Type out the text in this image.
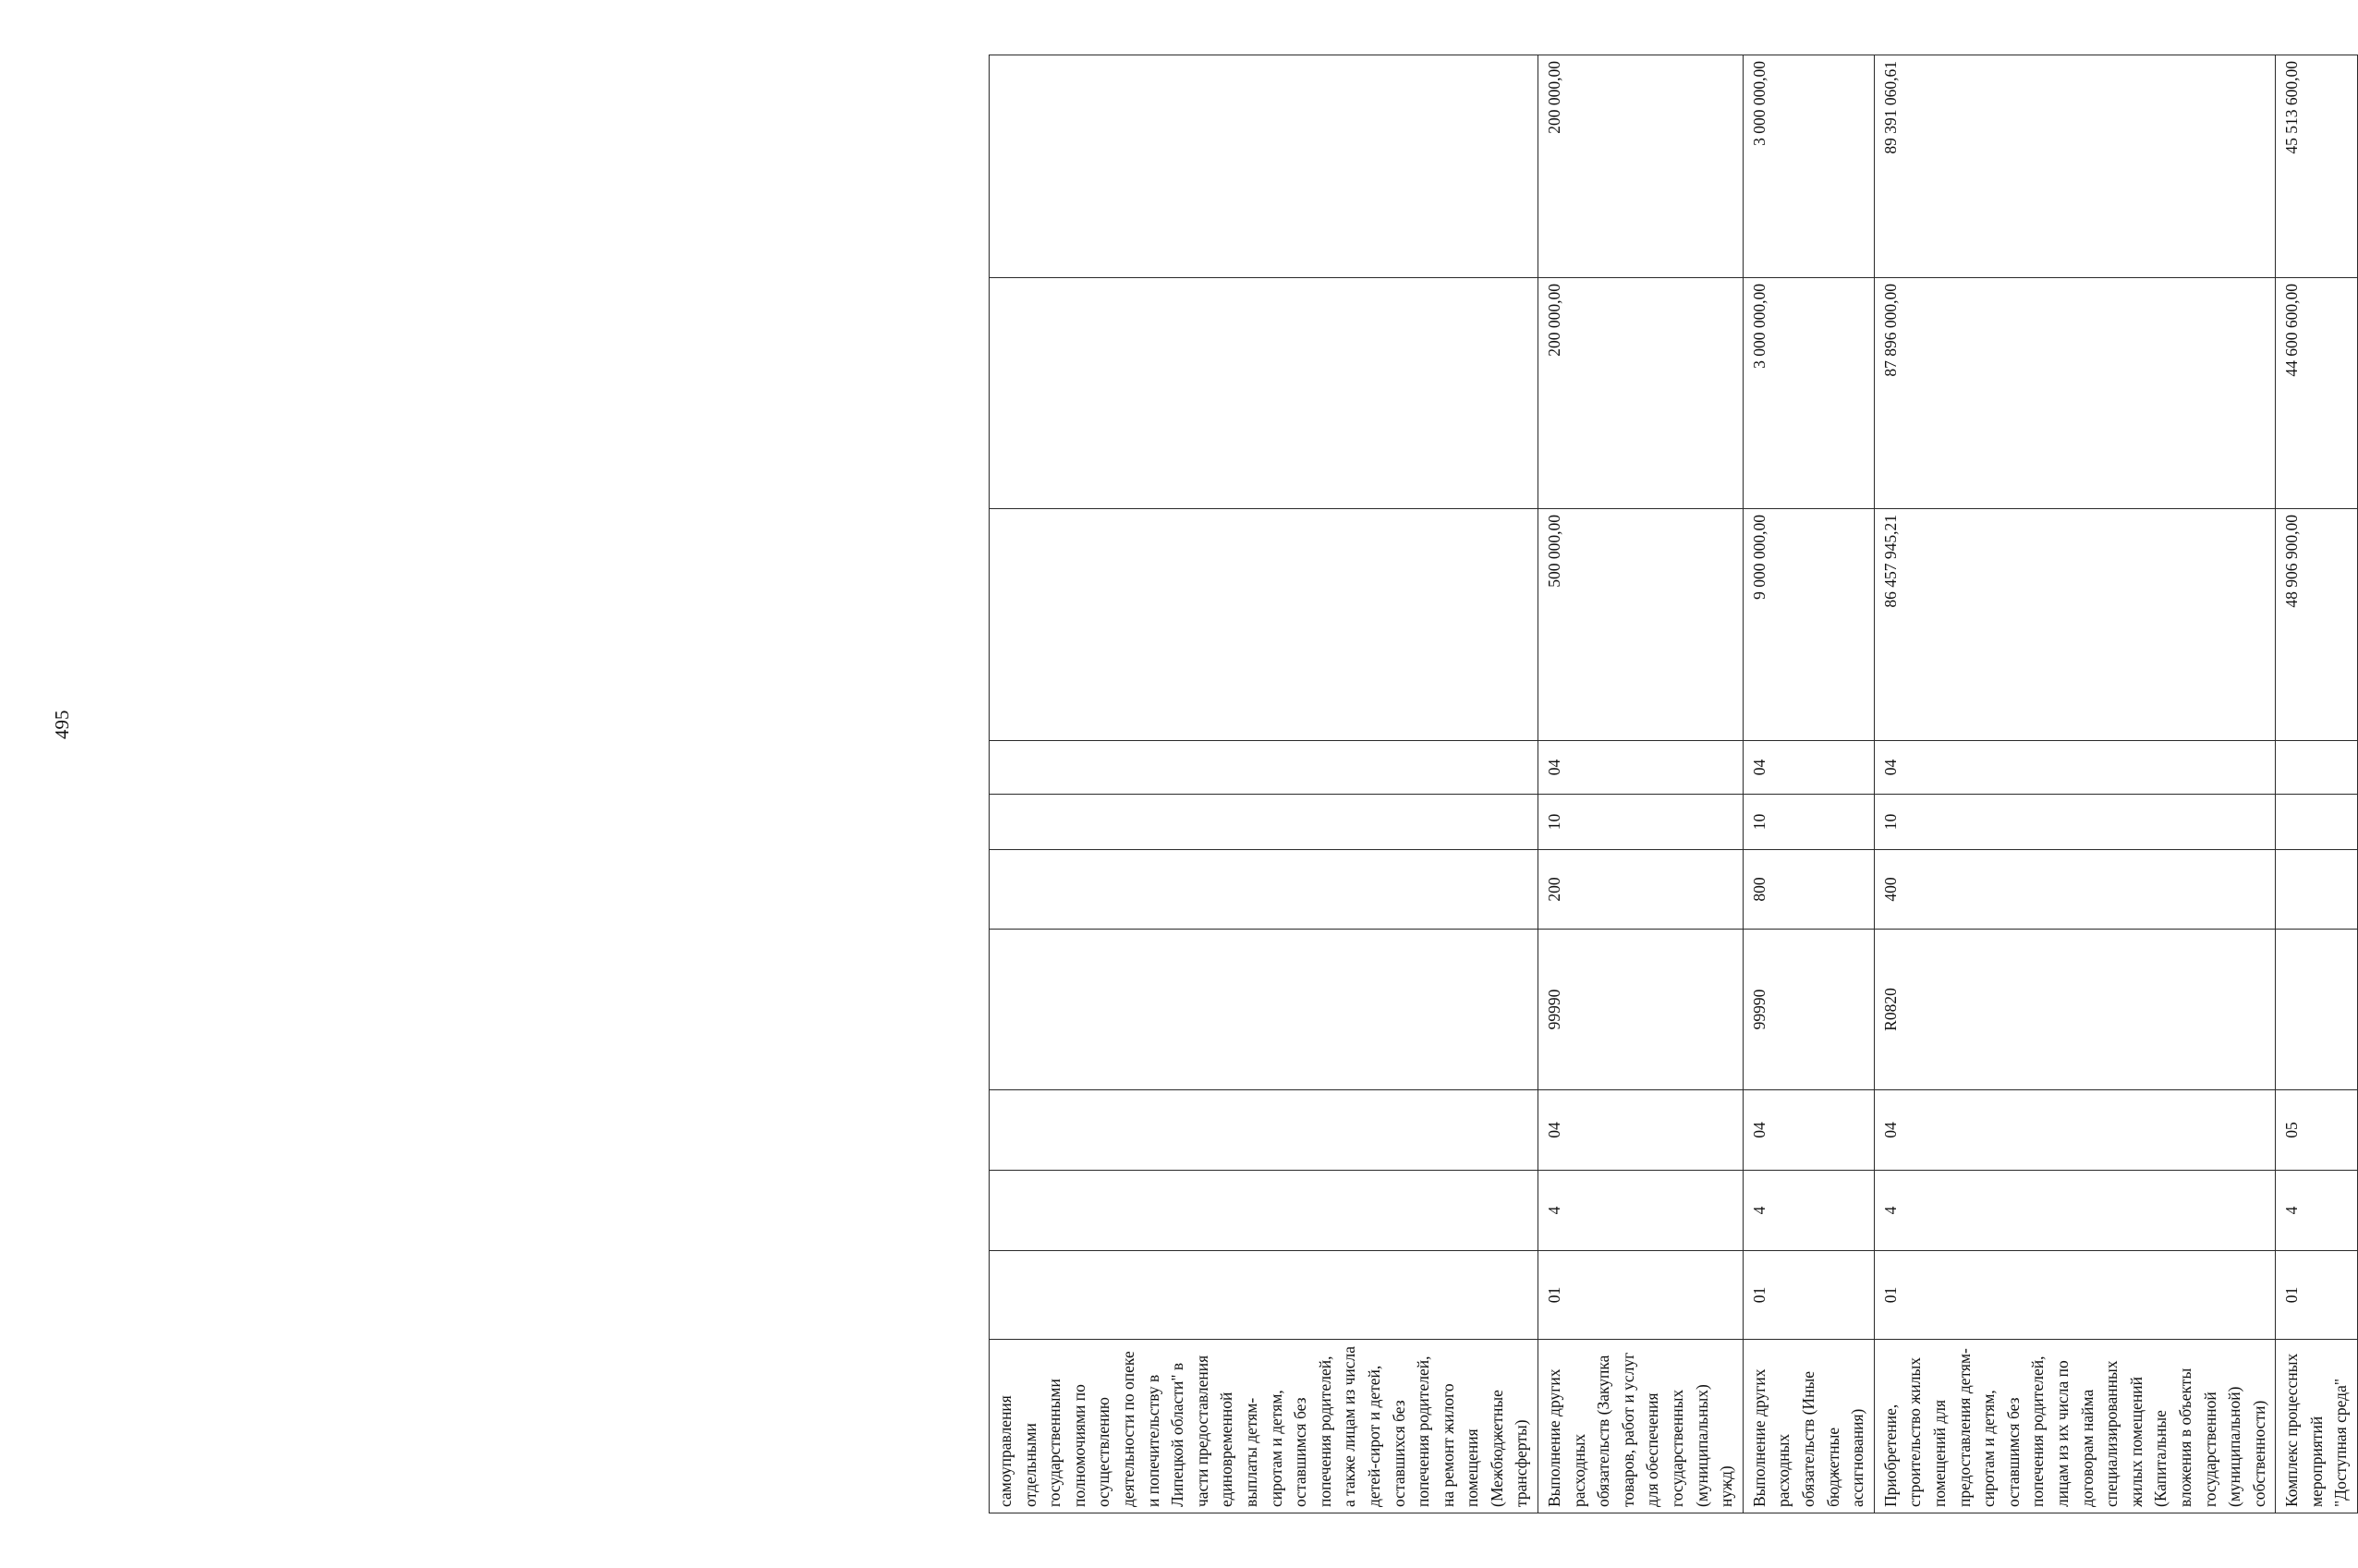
495
самоуправления отдельными государственными полномочиями по осуществлению деятельности по опеке и попечительству в Липецкой области" в части предоставления единовременной выплаты детям-сиротам и детям, оставшимся без попечения родителей, а также лицам из числа детей-сирот и детей, оставшихся без попечения родителей, на ремонт жилого помещения (Межбюджетные трансферты)										
Выполнение других расходных обязательств (Закупка товаров, работ и услуг для обеспечения государственных (муниципальных) нужд)	01	4	04	99990	200	10	04	500 000,00	200 000,00	200 000,00
Выполнение других расходных обязательств (Иные бюджетные ассигнования)	01	4	04	99990	800	10	04	9 000 000,00	3 000 000,00	3 000 000,00
Приобретение, строительство жилых помещений для предоставления детям-сиротам и детям, оставшимся без попечения родителей, лицам из их числа по договорам найма специализированных жилых помещений (Капитальные вложения в объекты государственной (муниципальной) собственности)	01	4	04	R0820	400	10	04	86 457 945,21	87 896 000,00	89 391 060,61
Комплекс процессных мероприятий "Доступная среда"	01	4	05					48 906 900,00	44 600 600,00	45 513 600,00
